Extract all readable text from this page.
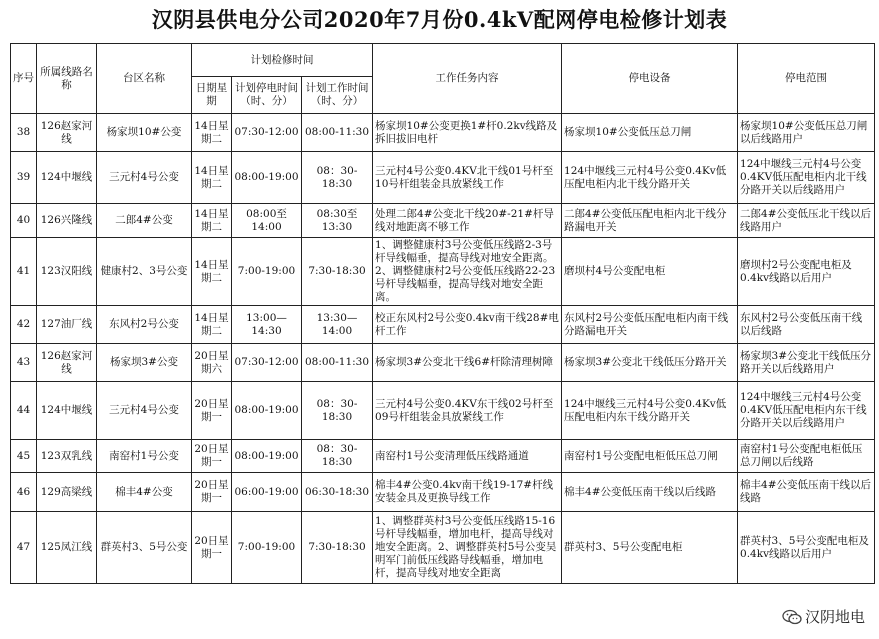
汉阴县供电分公司2020年7月份0.4kV配网停电检修计划表
序号	所属线路名 称	台区名称	计划检修时间			工作任务内容	停电设备	停电范围
			日期星期	计划停电时间（时、分）	计划工作时间（时、分）			
38	126赵家河线	杨家坝10#公变	14日星期二	07:30-12:00	08:00-11:30	杨家坝10#公变更换1#杆0.2kv线路及拆旧拔旧电杆	杨家坝10#公变低压总刀闸	杨家坝10#公变低压总刀闸以后线路用户
39	124中堰线	三元村4号公变	14日星期二	08:00-19:00	08：30-18:30	三元村4号公变0.4KV北干线01号杆至10号杆组装金具放紧线工作	124中堰线三元村4号公变0.4Kv低压配电柜内北干线分路开关	124中堰线三元村4号公变0.4KV低压配电柜内北干线分路开关以后线路用户
40	126兴隆线	二郎4#公变	14日星期二	08:00至14:00	08:30至13:30	处理二郎4#公变北干线20#-21#杆导线对地距离不够工作	二郎4#公变低压配电柜内北干线分路漏电开关	二郎4#公变低压北干线以后线路用户
41	123汉阳线	健康村2、3号公变	14日星期二	7:00-19:00	7:30-18:30	1、调整健康村3号公变低压线路2-3号杆导线幅垂，提高导线对地安全距离。2、调整健康村2号公变低压线路22-23号杆导线幅垂，提高导线对地安全距离。	磨坝村4号公变配电柜	磨坝村2号公变配电柜及0.4kv线路以后用户
42	127油厂线	东风村2号公变	14日星期二	13:00—14:30	13:30—14:00	校正东风村2号公变0.4kv南干线28#电杆工作	东风村2号公变低压配电柜内南干线分路漏电开关	东风村2号公变低压南干线以后线路
43	126赵家河线	杨家坝3#公变	20日星期六	07:30-12:00	08:00-11:30	杨家坝3#公变北干线6#杆除清理树障	杨家坝3#公变北干线低压分路开关	杨家坝3#公变北干线低压分路开关以后线路用户
44	124中堰线	三元村4号公变	20日星期一	08:00-19:00	08：30-18:30	三元村4号公变0.4KV东干线02号杆至09号杆组装金具放紧线工作	124中堰线三元村4号公变0.4Kv低压配电柜内东干线分路开关	124中堰线三元村4号公变0.4KV低压配电柜内东干线分路开关以后线路用户
45	123双乳线	南窑村1号公变	20日星期一	08:00-19:00	08：30-18:30	南窑村1号公变清理低压线路通道	南窑村1号公变配电柜低压总刀闸	南窑村1号公变配电柜低压总刀闸以后线路
46	129高梁线	棉丰4#公变	20日星期一	06:00-19:00	06:30-18:30	棉丰4#公变0.4kv南干线19-17#杆线安装金具及更换导线工作	棉丰4#公变低压南干线以后线路	棉丰4#公变低压南干线以后线路
47	125凤江线	群英村3、5号公变	20日星期一	7:00-19:00	7:30-18:30	1、调整群英村3号公变低压线路15-16号杆导线幅垂，增加电杆，提高导线对地安全距离。2、调整群英村5号公变吴明军门前低压线路导线幅垂，增加电杆，提高导线对地安全距离	群英村3、5号公变配电柜	群英村3、5号公变配电柜及0.4kv线路以后用户
汉阴地电
